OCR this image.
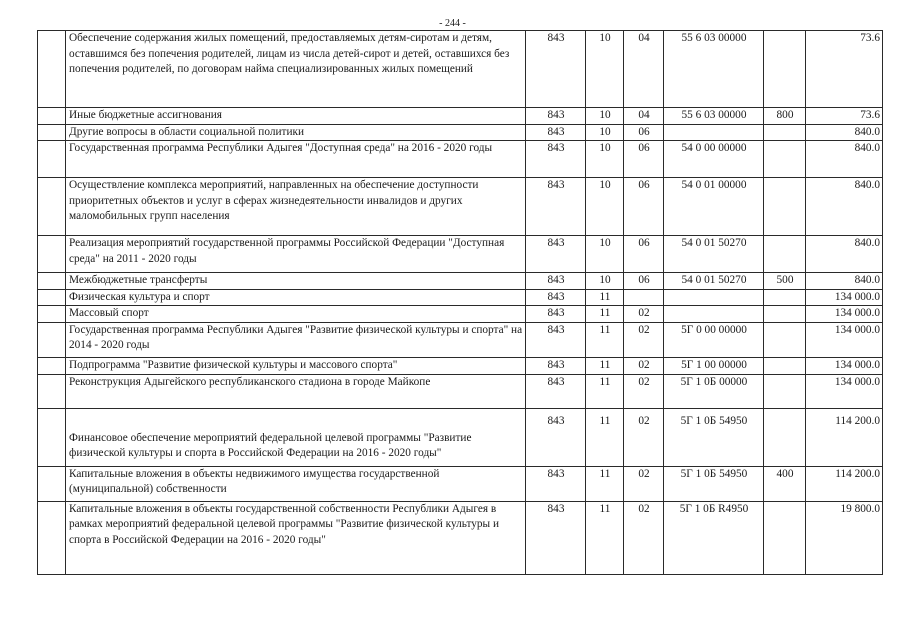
- 244 -
	Обеспечение содержания жилых помещений, предоставляемых детям-сиротам и детям, оставшимся без попечения родителей, лицам из числа детей-сирот и детей, оставшихся без попечения родителей, по договорам найма специализированных жилых помещений	843	10	04	55 6 03 00000		73.6
	Иные бюджетные ассигнования	843	10	04	55 6 03 00000	800	73.6
	Другие вопросы в области социальной политики	843	10	06			840.0
	Государственная программа Республики Адыгея "Доступная среда" на 2016 - 2020 годы	843	10	06	54 0 00 00000		840.0
	Осуществление комплекса мероприятий, направленных на обеспечение доступности приоритетных объектов и услуг в сферах жизнедеятельности инвалидов и других маломобильных групп населения	843	10	06	54 0 01 00000		840.0
	Реализация мероприятий государственной программы Российской Федерации "Доступная среда" на 2011 - 2020 годы	843	10	06	54 0 01 50270		840.0
	Межбюджетные трансферты	843	10	06	54 0 01 50270	500	840.0
	Физическая культура и спорт	843	11				134 000.0
	Массовый спорт	843	11	02			134 000.0
	Государственная программа Республики Адыгея "Развитие физической культуры и спорта" на 2014 - 2020 годы	843	11	02	5Г 0 00 00000		134 000.0
	Подпрограмма "Развитие физической культуры и массового спорта"	843	11	02	5Г 1 00 00000		134 000.0
	Реконструкция Адыгейского республиканского стадиона в городе Майкопе	843	11	02	5Г 1 0Б 00000		134 000.0
	Финансовое обеспечение мероприятий федеральной целевой программы "Развитие физической культуры и спорта в Российской Федерации на 2016 - 2020 годы"	843	11	02	5Г 1 0Б 54950		114 200.0
	Капитальные вложения в объекты недвижимого имущества государственной (муниципальной) собственности	843	11	02	5Г 1 0Б 54950	400	114 200.0
	Капитальные вложения в объекты государственной собственности Республики Адыгея в рамках мероприятий федеральной целевой программы "Развитие физической культуры и спорта в Российской Федерации на 2016 - 2020 годы"	843	11	02	5Г 1 0Б R4950		19 800.0
